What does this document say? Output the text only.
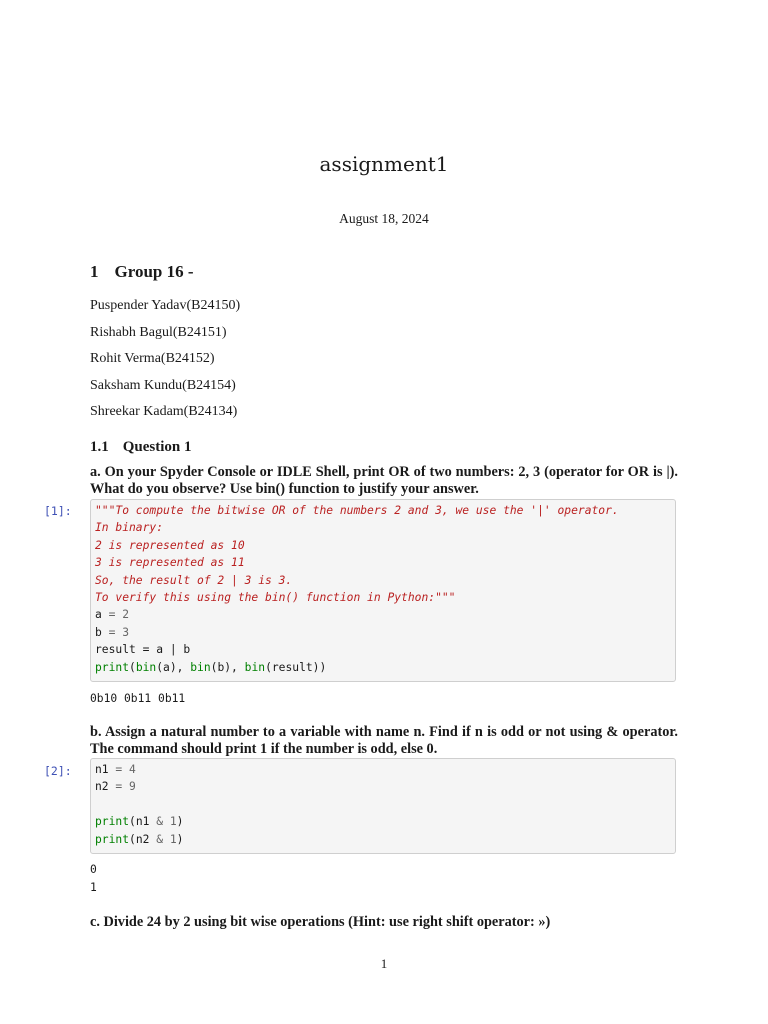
assignment1
August 18, 2024
1 Group 16 -
Puspender Yadav(B24150)
Rishabh Bagul(B24151)
Rohit Verma(B24152)
Saksham Kundu(B24154)
Shreekar Kadam(B24134)
1.1 Question 1
a. On your Spyder Console or IDLE Shell, print OR of two numbers: 2, 3 (operator for OR is |). What do you observe? Use bin() function to justify your answer.
[1]:	"""To compute the bitwise OR of the numbers 2 and 3, we use the '|' operator.
In binary:
2 is represented as 10
3 is represented as 11
So, the result of 2 | 3 is 3.
To verify this using the bin() function in Python:"""
a = 2
b = 3
result = a | b
print(bin(a), bin(b), bin(result))
0b10 0b11 0b11
b. Assign a natural number to a variable with name n. Find if n is odd or not using & operator. The command should print 1 if the number is odd, else 0.
[2]:	n1 = 4
n2 = 9

print(n1 & 1)
print(n2 & 1)
0
1
c. Divide 24 by 2 using bit wise operations (Hint: use right shift operator: »)
1
